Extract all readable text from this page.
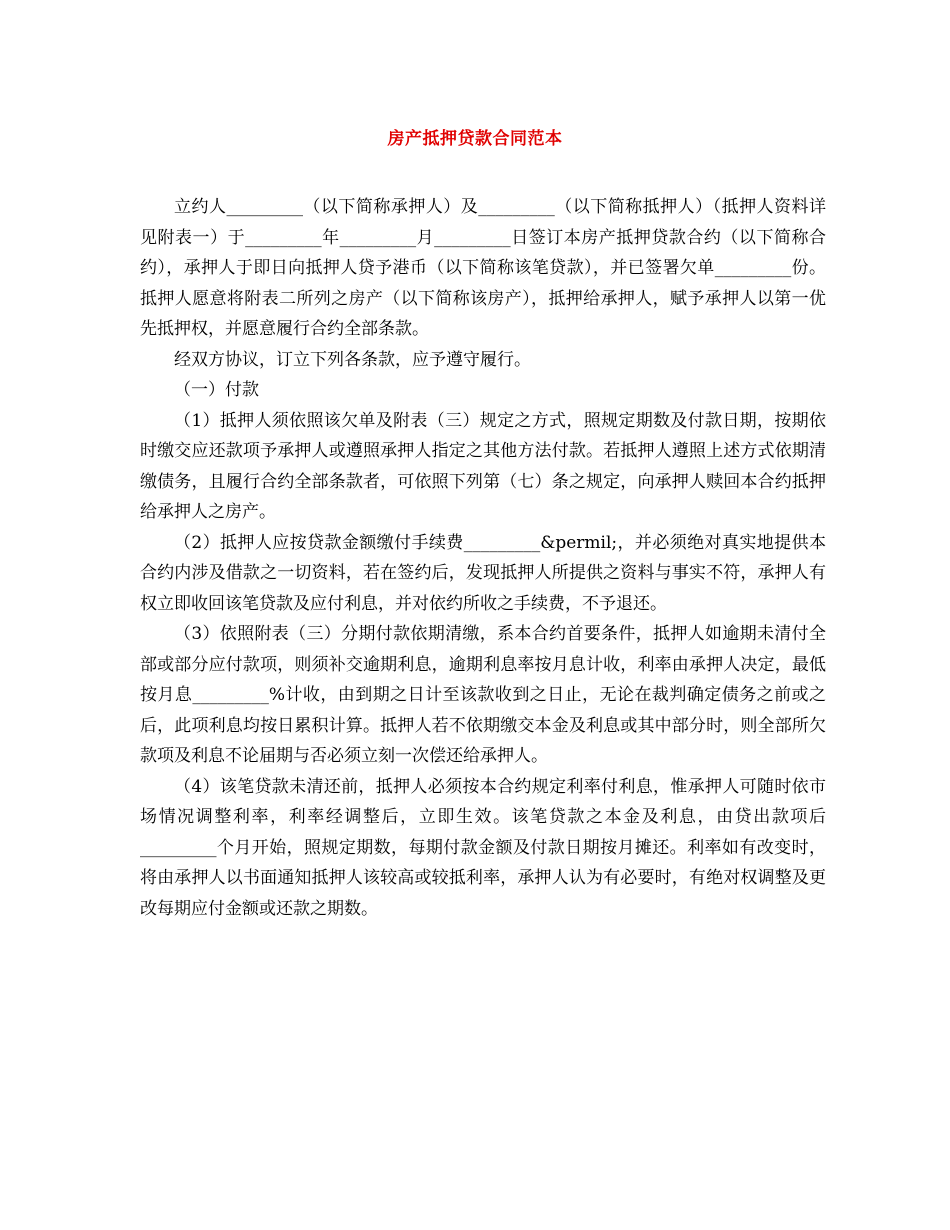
房产抵押贷款合同范本

立约人_________（以下简称承押人）及_________（以下简称抵押人）（抵押人资料详见附表一）于_________年_________月_________日签订本房产抵押贷款合约（以下简称合约），承押人于即日向抵押人贷予港币（以下简称该笔贷款），并已签署欠单_________份。抵押人愿意将附表二所列之房产（以下简称该房产），抵押给承押人，赋予承押人以第一优先抵押权，并愿意履行合约全部条款。

经双方协议，订立下列各条款，应予遵守履行。

（一）付款

（1）抵押人须依照该欠单及附表（三）规定之方式，照规定期数及付款日期，按期依时缴交应还款项予承押人或遵照承押人指定之其他方法付款。若抵押人遵照上述方式依期清缴债务，且履行合约全部条款者，可依照下列第（七）条之规定，向承押人赎回本合约抵押给承押人之房产。

（2）抵押人应按贷款金额缴付手续费_________&permil;，并必须绝对真实地提供本合约内涉及借款之一切资料，若在签约后，发现抵押人所提供之资料与事实不符，承押人有权立即收回该笔贷款及应付利息，并对依约所收之手续费，不予退还。

（3）依照附表（三）分期付款依期清缴，系本合约首要条件，抵押人如逾期未清付全部或部分应付款项，则须补交逾期利息，逾期利息率按月息计收，利率由承押人决定，最低按月息_________%计收，由到期之日计至该款收到之日止，无论在裁判确定债务之前或之后，此项利息均按日累积计算。抵押人若不依期缴交本金及利息或其中部分时，则全部所欠款项及利息不论届期与否必须立刻一次偿还给承押人。

（4）该笔贷款未清还前，抵押人必须按本合约规定利率付利息，惟承押人可随时依市场情况调整利率，利率经调整后，立即生效。该笔贷款之本金及利息，由贷出款项后_________个月开始，照规定期数，每期付款金额及付款日期按月摊还。利率如有改变时，将由承押人以书面通知抵押人该较高或较抵利率，承押人认为有必要时，有绝对权调整及更改每期应付金额或还款之期数。
